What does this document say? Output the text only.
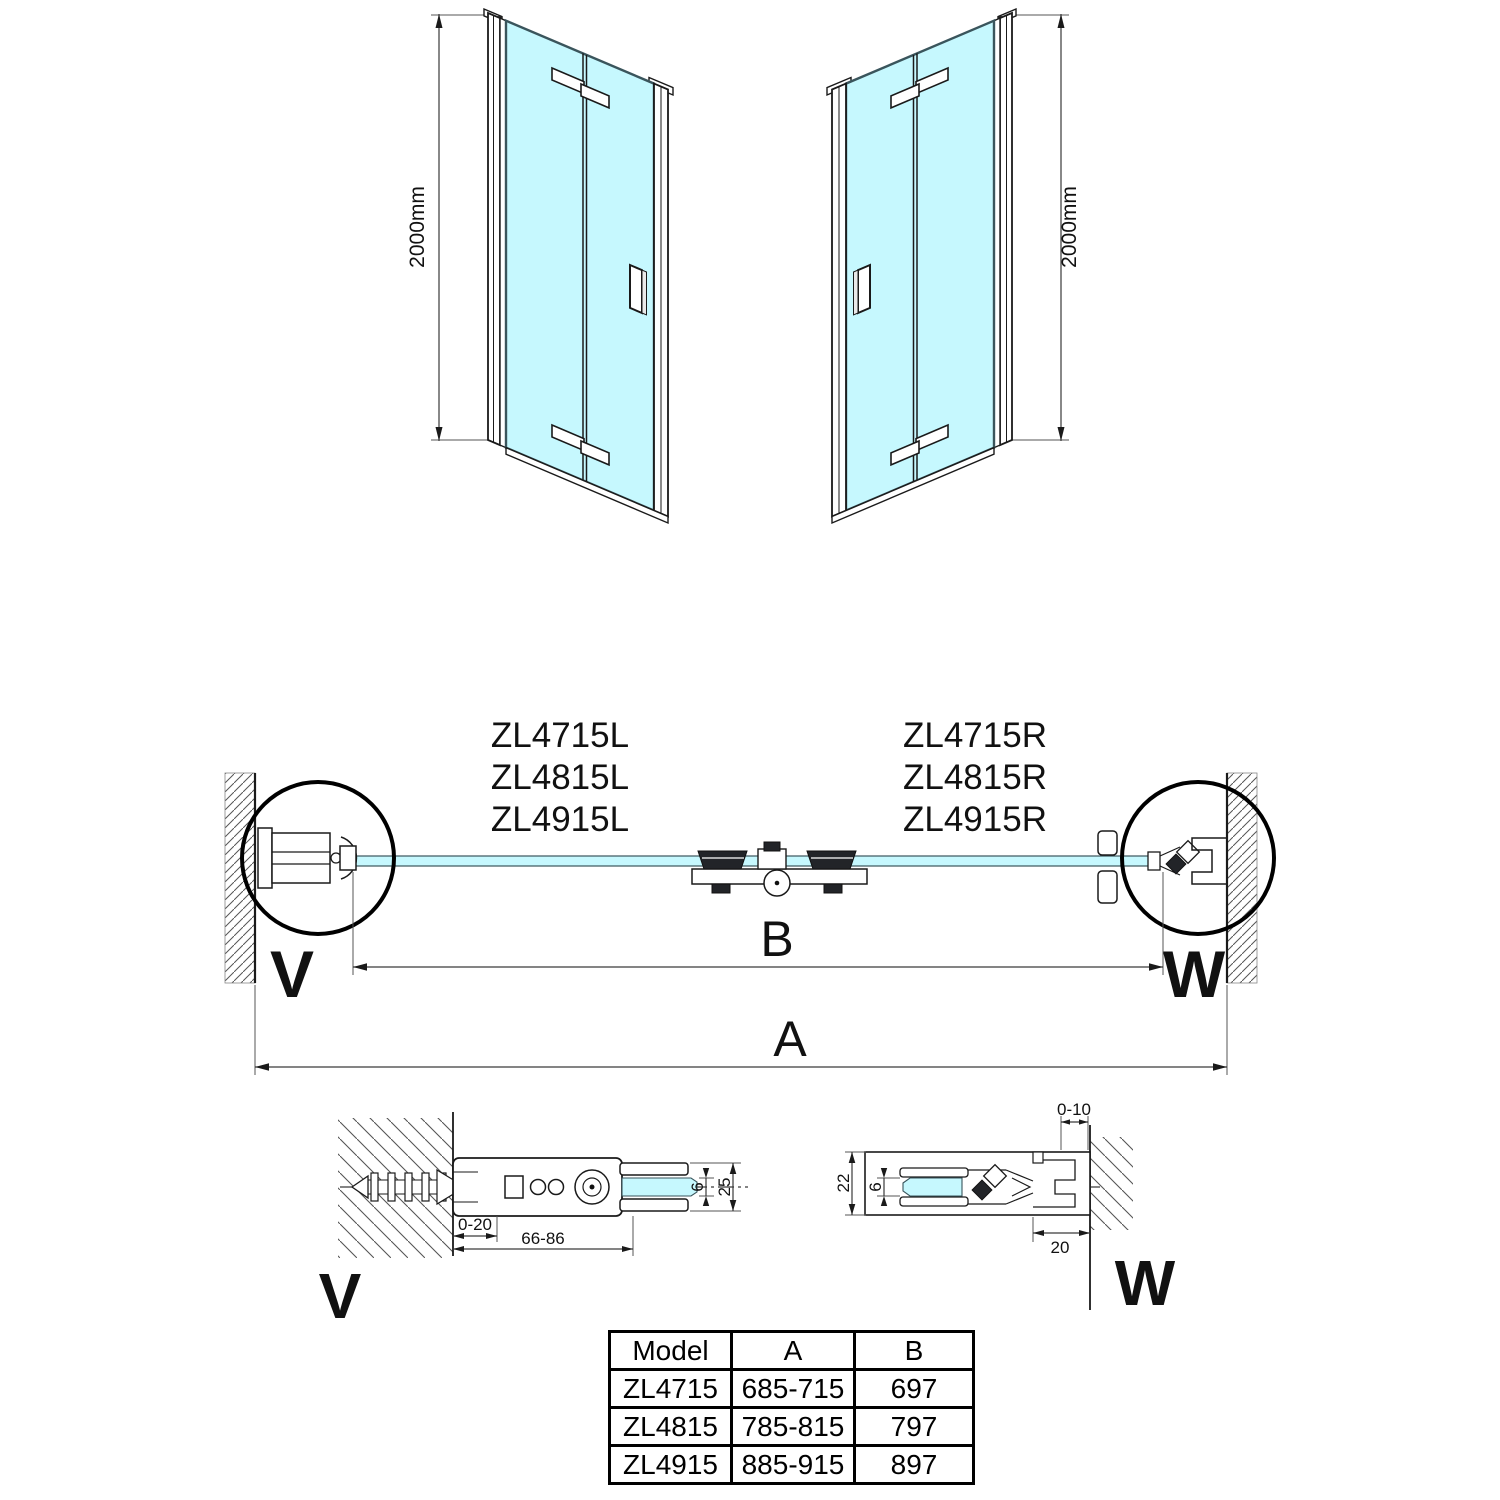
2000mm	2000mm
ZL4715L
ZL4815L
ZL4915L
ZL4715R
ZL4815R
ZL4915R
V	W
B
A
0-20
66-86
6 25
V
22 6
0-10
20 W
Model	A	B
ZL4715	685-715	697
ZL4815	785-815	797
ZL4915	885-915	897
